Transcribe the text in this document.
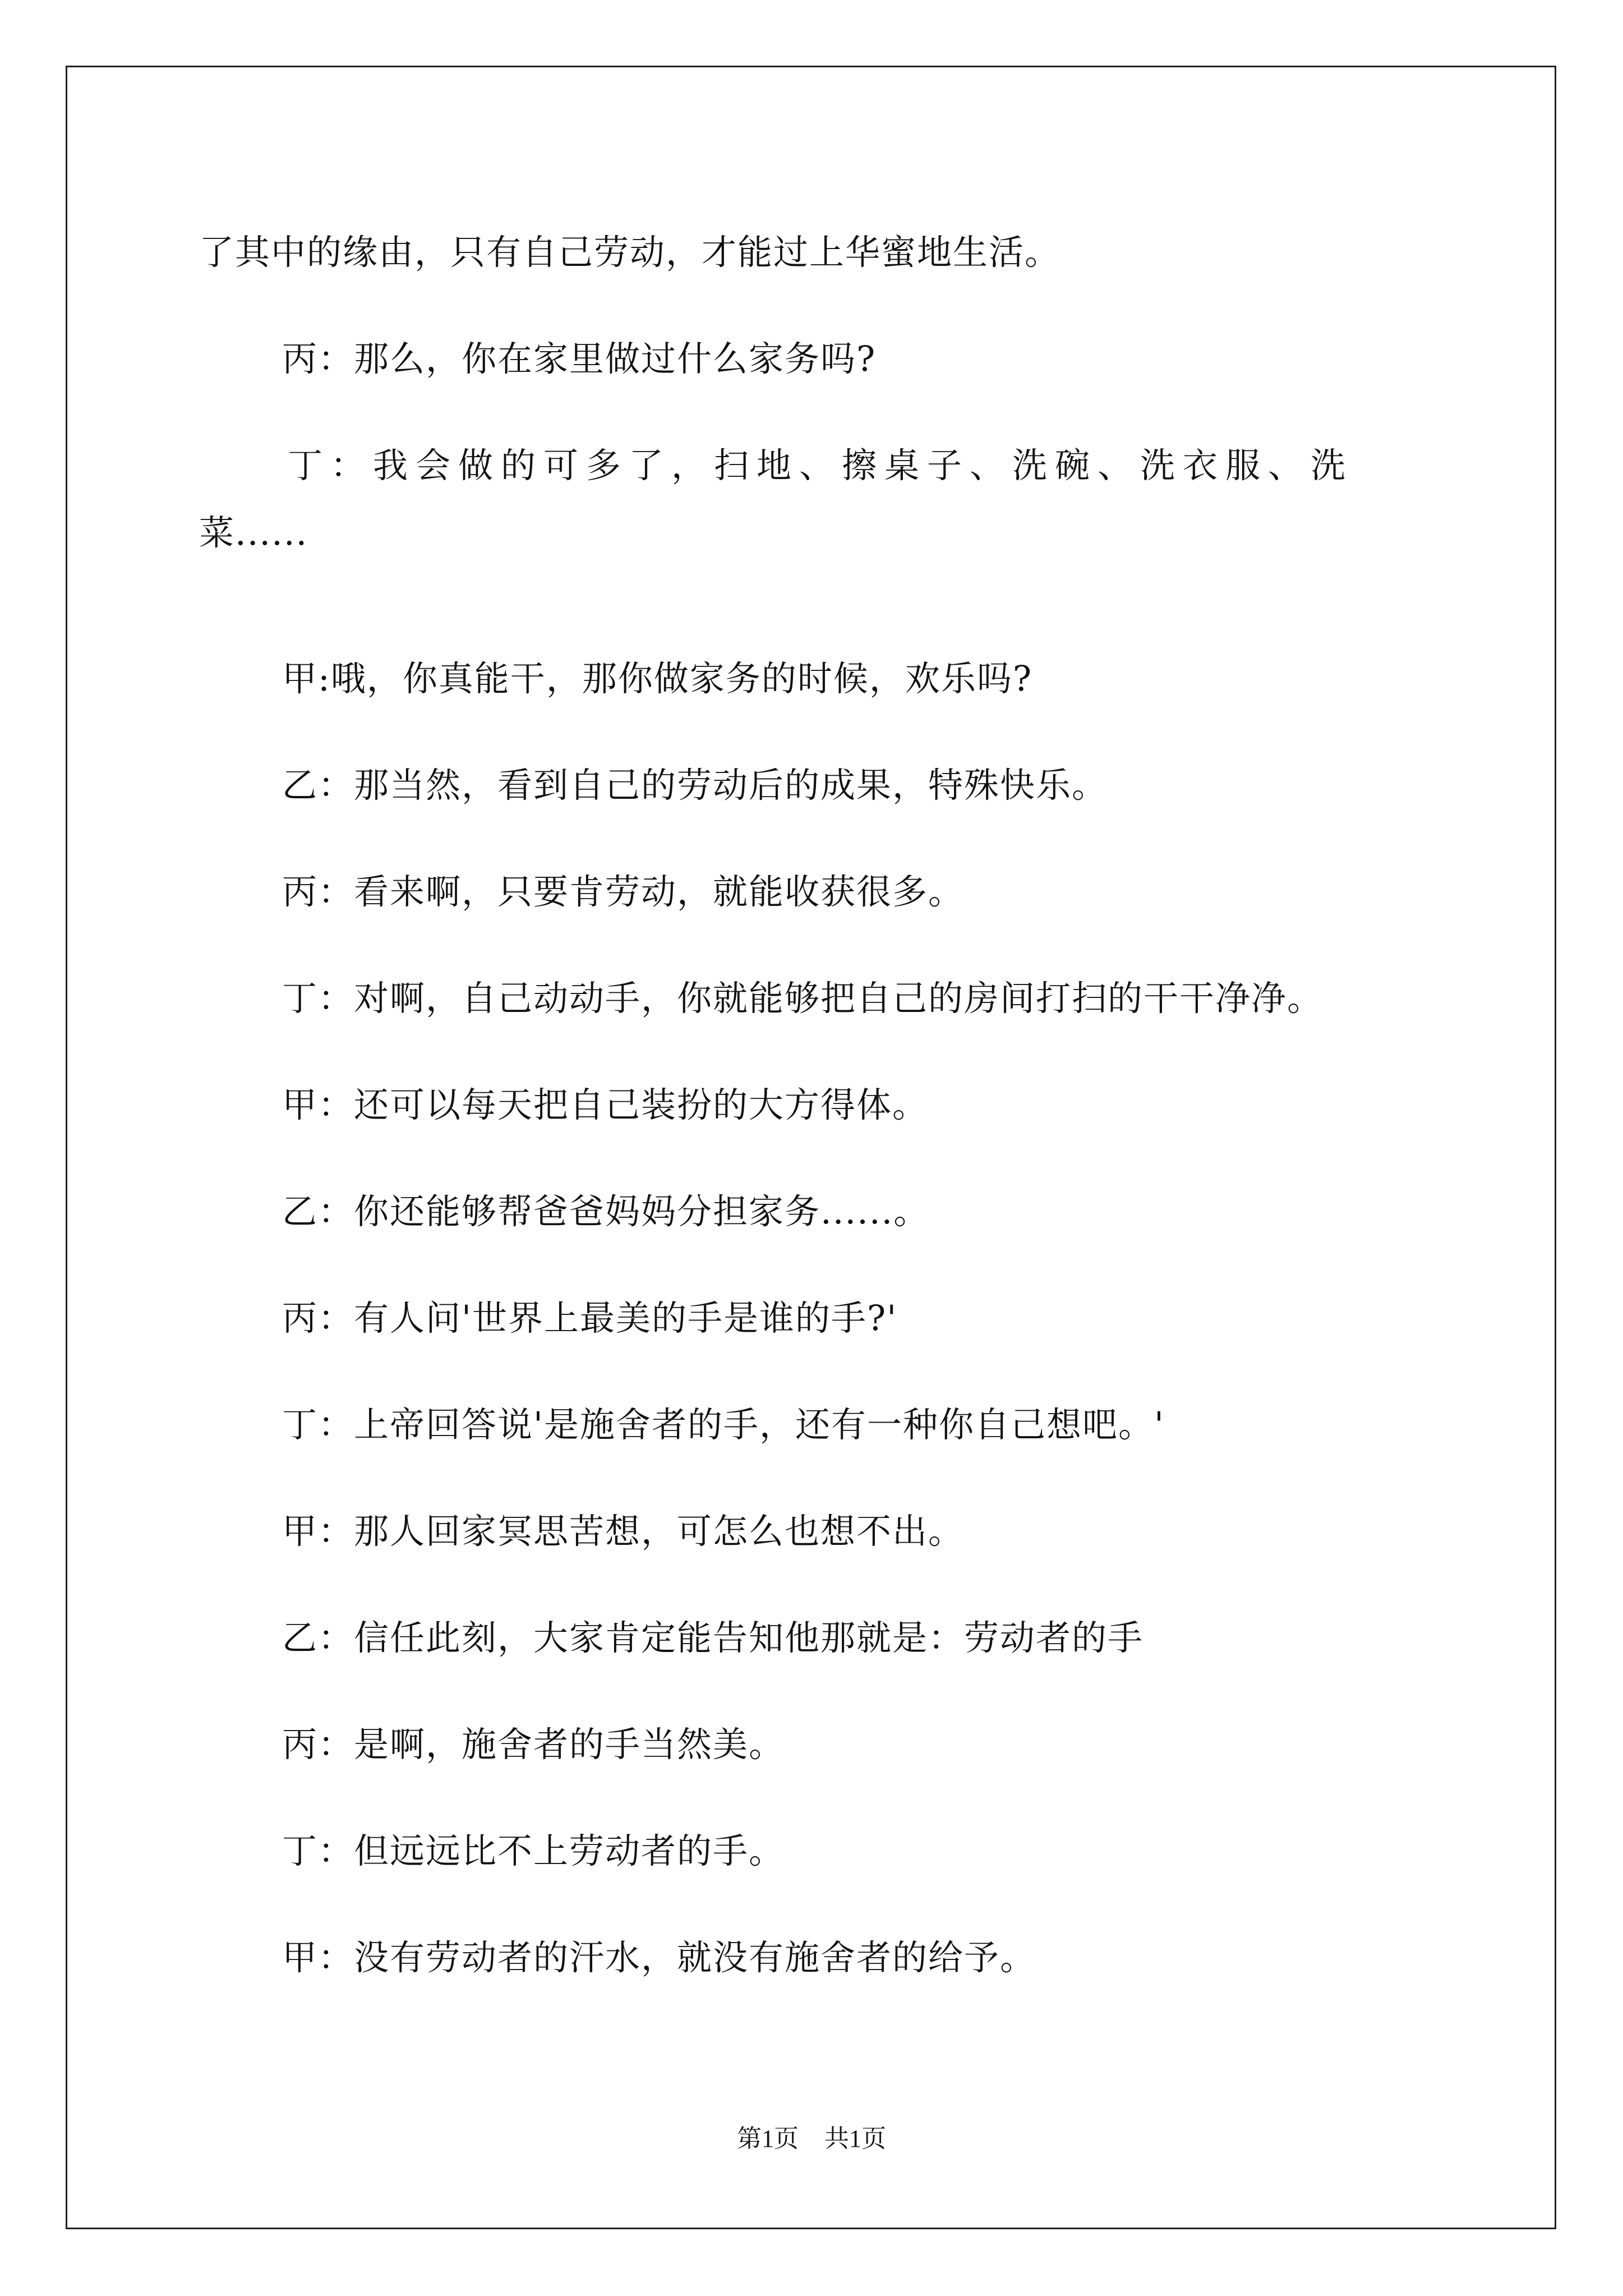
了其中的缘由，只有自己劳动，才能过上华蜜地生活。
丙：那么，你在家里做过什么家务吗?
丁：我会做的可多了，扫地、擦桌子、洗碗、洗衣服、洗
菜......
甲:哦，你真能干，那你做家务的时候，欢乐吗?
乙：那当然，看到自己的劳动后的成果，特殊快乐。
丙：看来啊，只要肯劳动，就能收获很多。
丁：对啊，自己动动手，你就能够把自己的房间打扫的干干净净。
甲：还可以每天把自己装扮的大方得体。
乙：你还能够帮爸爸妈妈分担家务......。
丙：有人问'世界上最美的手是谁的手?'
丁：上帝回答说'是施舍者的手，还有一种你自己想吧。'
甲：那人回家冥思苦想，可怎么也想不出。
乙：信任此刻，大家肯定能告知他那就是：劳动者的手
丙：是啊，施舍者的手当然美。
丁：但远远比不上劳动者的手。
甲：没有劳动者的汗水，就没有施舍者的给予。
第1页 共1页
